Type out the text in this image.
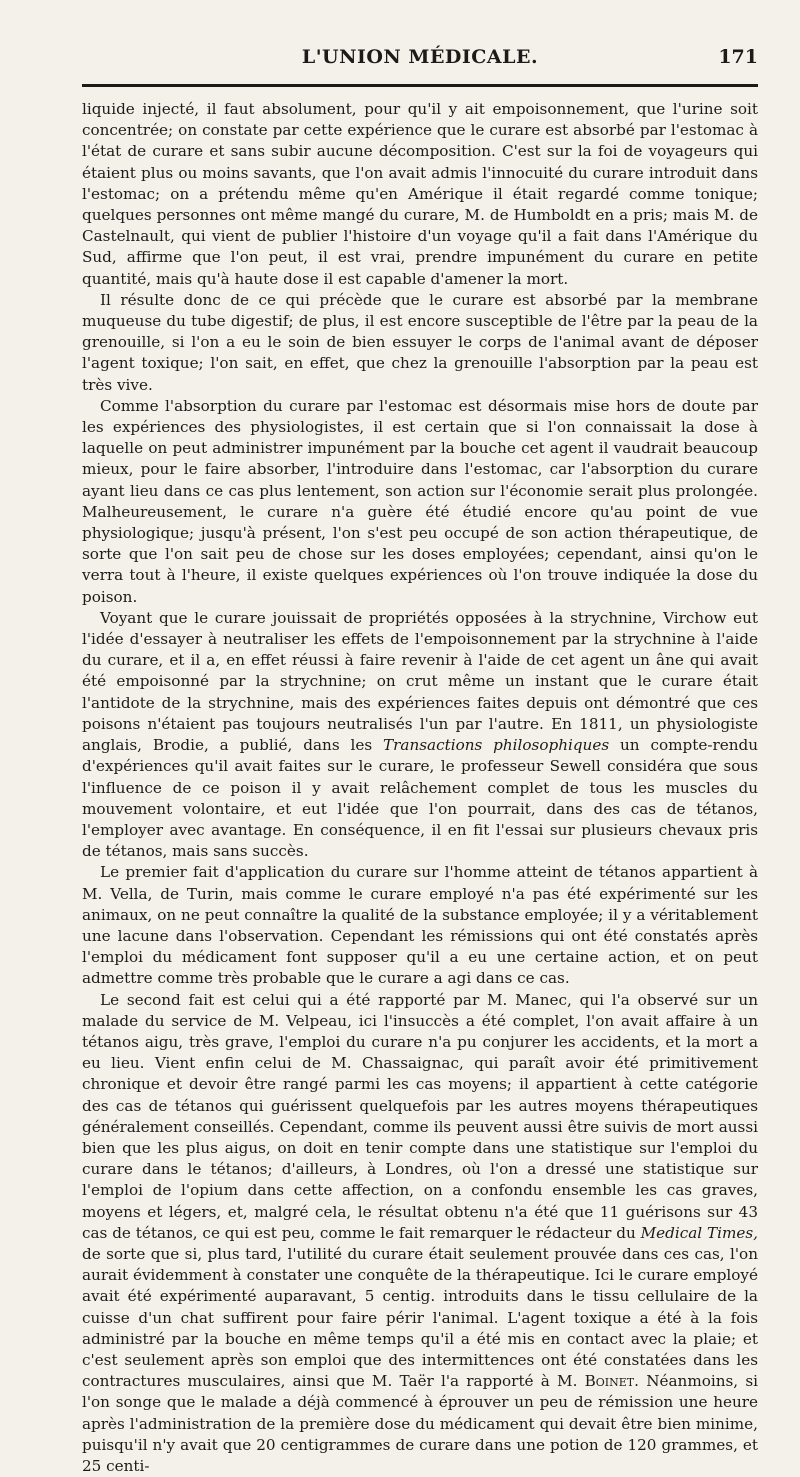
L'UNION MÉDICALE.	171

liquide injecté, il faut absolument, pour qu'il y ait empoisonnement, que l'urine soit concentrée; on constate par cette expérience que le curare est absorbé par l'estomac à l'état de curare et sans subir aucune décomposition. C'est sur la foi de voyageurs qui étaient plus ou moins savants, que l'on avait admis l'innocuité du curare introduit dans l'estomac; on a prétendu même qu'en Amérique il était regardé comme tonique; quelques personnes ont même mangé du curare, M. de Humboldt en a pris; mais M. de Castelnault, qui vient de publier l'histoire d'un voyage qu'il a fait dans l'Amérique du Sud, affirme que l'on peut, il est vrai, prendre impunément du curare en petite quantité, mais qu'à haute dose il est capable d'amener la mort.

Il résulte donc de ce qui précède que le curare est absorbé par la membrane muqueuse du tube digestif; de plus, il est encore susceptible de l'être par la peau de la grenouille, si l'on a eu le soin de bien essuyer le corps de l'animal avant de déposer l'agent toxique; l'on sait, en effet, que chez la grenouille l'absorption par la peau est très vive.

Comme l'absorption du curare par l'estomac est désormais mise hors de doute par les expériences des physiologistes, il est certain que si l'on connaissait la dose à laquelle on peut administrer impunément par la bouche cet agent il vaudrait beaucoup mieux, pour le faire absorber, l'introduire dans l'estomac, car l'absorption du curare ayant lieu dans ce cas plus lentement, son action sur l'économie serait plus prolongée. Malheureusement, le curare n'a guère été étudié encore qu'au point de vue physiologique; jusqu'à présent, l'on s'est peu occupé de son action thérapeutique, de sorte que l'on sait peu de chose sur les doses employées; cependant, ainsi qu'on le verra tout à l'heure, il existe quelques expériences où l'on trouve indiquée la dose du poison.

Voyant que le curare jouissait de propriétés opposées à la strychnine, Virchow eut l'idée d'essayer à neutraliser les effets de l'empoisonnement par la strychnine à l'aide du curare, et il a, en effet réussi à faire revenir à l'aide de cet agent un âne qui avait été empoisonné par la strychnine; on crut même un instant que le curare était l'antidote de la strychnine, mais des expériences faites depuis ont démontré que ces poisons n'étaient pas toujours neutralisés l'un par l'autre. En 1811, un physiologiste anglais, Brodie, a publié, dans les Transactions philosophiques un compte-rendu d'expériences qu'il avait faites sur le curare, le professeur Sewell considéra que sous l'influence de ce poison il y avait relâchement complet de tous les muscles du mouvement volontaire, et eut l'idée que l'on pourrait, dans des cas de tétanos, l'employer avec avantage. En conséquence, il en fit l'essai sur plusieurs chevaux pris de tétanos, mais sans succès.

Le premier fait d'application du curare sur l'homme atteint de tétanos appartient à M. Vella, de Turin, mais comme le curare employé n'a pas été expérimenté sur les animaux, on ne peut connaître la qualité de la substance employée; il y a véritablement une lacune dans l'observation. Cependant les rémissions qui ont été constatés après l'emploi du médicament font supposer qu'il a eu une certaine action, et on peut admettre comme très probable que le curare a agi dans ce cas.

Le second fait est celui qui a été rapporté par M. Manec, qui l'a observé sur un malade du service de M. Velpeau, ici l'insuccès a été complet, l'on avait affaire à un tétanos aigu, très grave, l'emploi du curare n'a pu conjurer les accidents, et la mort a eu lieu. Vient enfin celui de M. Chassaignac, qui paraît avoir été primitivement chronique et devoir être rangé parmi les cas moyens; il appartient à cette catégorie des cas de tétanos qui guérissent quelquefois par les autres moyens thérapeutiques généralement conseillés. Cependant, comme ils peuvent aussi être suivis de mort aussi bien que les plus aigus, on doit en tenir compte dans une statistique sur l'emploi du curare dans le tétanos; d'ailleurs, à Londres, où l'on a dressé une statistique sur l'emploi de l'opium dans cette affection, on a confondu ensemble les cas graves, moyens et légers, et, malgré cela, le résultat obtenu n'a été que 11 guérisons sur 43 cas de tétanos, ce qui est peu, comme le fait remarquer le rédacteur du Medical Times, de sorte que si, plus tard, l'utilité du curare était seulement prouvée dans ces cas, l'on aurait évidemment à constater une conquête de la thérapeutique. Ici le curare employé avait été expérimenté auparavant, 5 centig. introduits dans le tissu cellulaire de la cuisse d'un chat suffirent pour faire périr l'animal. L'agent toxique a été à la fois administré par la bouche en même temps qu'il a été mis en contact avec la plaie; et c'est seulement après son emploi que des intermittences ont été constatées dans les contractures musculaires, ainsi que M. Taër l'a rapporté à M. Boinet. Néanmoins, si l'on songe que le malade a déjà commencé à éprouver un peu de rémission une heure après l'administration de la première dose du médicament qui devait être bien minime, puisqu'il n'y avait que 20 centigrammes de curare dans une potion de 120 grammes, et 25 centi-
